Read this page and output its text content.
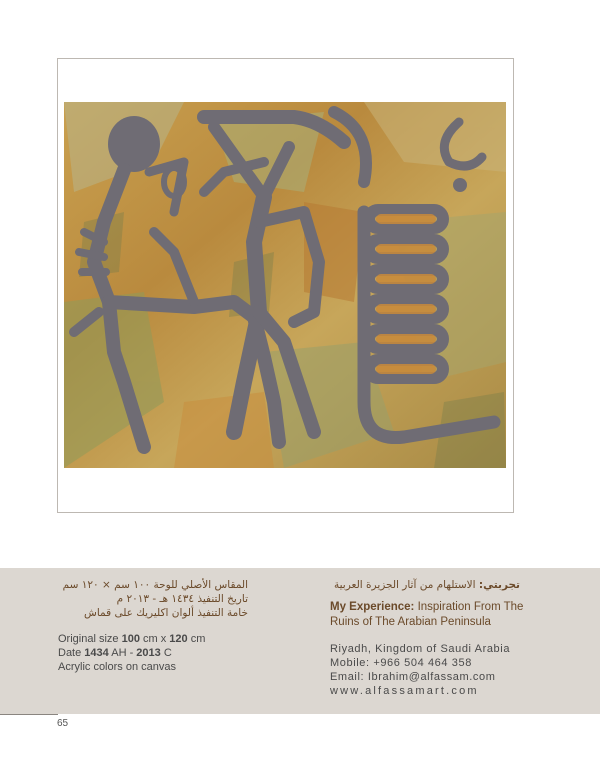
المقاس الأصلي للوحة ١٠٠ سم × ١٢٠ سم
تاريخ التنفيذ ١٤٣٤ هـ - ٢٠١٣ م
خامة التنفيذ ألوان اكليريك على قماش
Original size 100 cm x 120 cm
Date 1434 AH - 2013 C
Acrylic colors on canvas
تجربتي: الاستلهام من آثار الجزيرة العربية
My Experience: Inspiration From The
Ruins of The Arabian Peninsula
Riyadh, Kingdom of Saudi Arabia
Mobile: +966 504 464 358
Email: Ibrahim@alfassam.com
www.alfassamart.com
65
